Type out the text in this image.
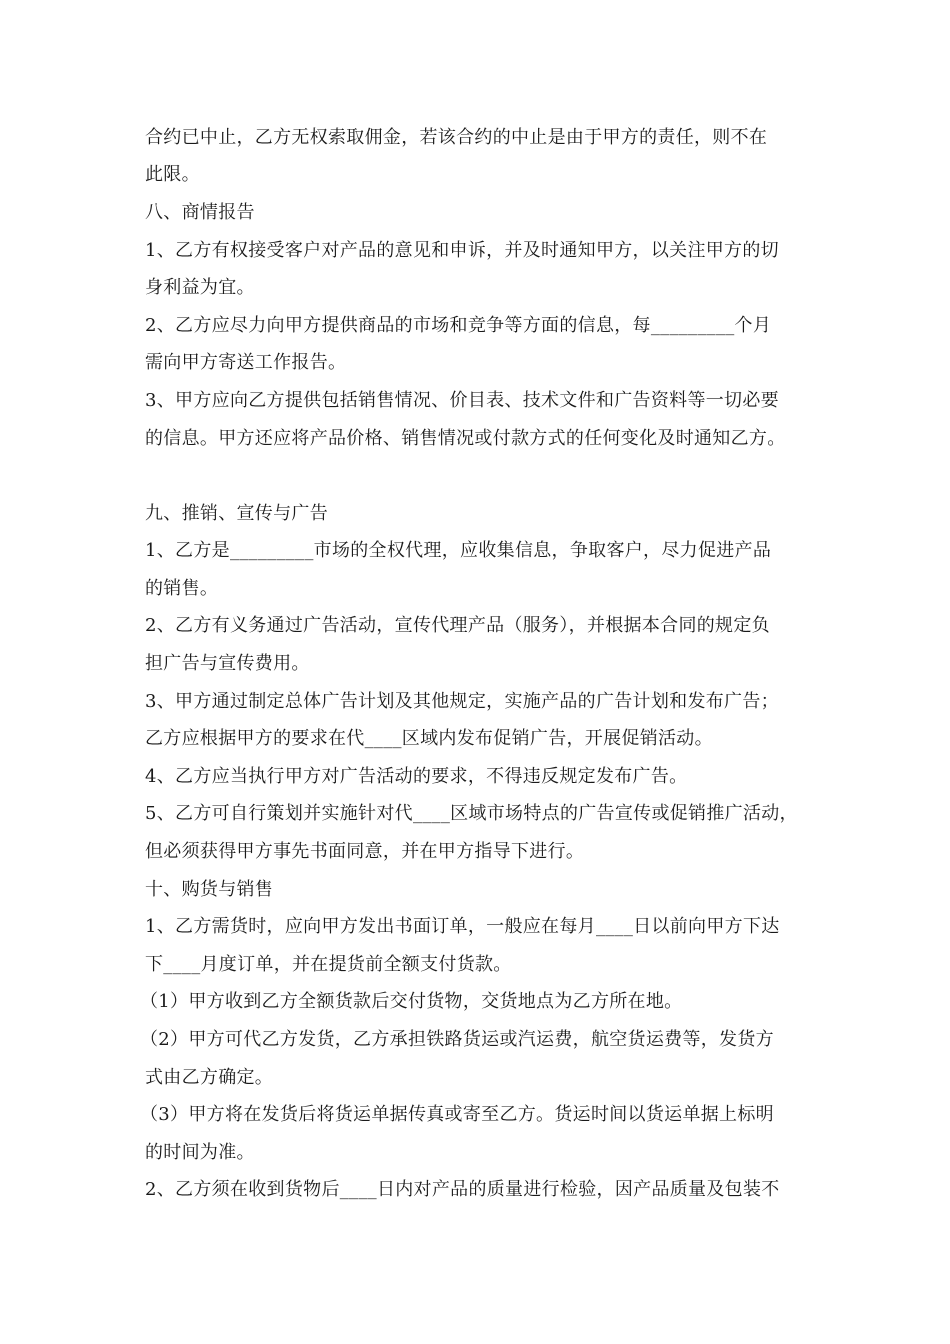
合约已中止，乙方无权索取佣金，若该合约的中止是由于甲方的责任，则不在
此限。
八、商情报告
1、乙方有权接受客户对产品的意见和申诉，并及时通知甲方，以关注甲方的切
身利益为宜。
2、乙方应尽力向甲方提供商品的市场和竞争等方面的信息，每_________个月
需向甲方寄送工作报告。
3、甲方应向乙方提供包括销售情况、价目表、技术文件和广告资料等一切必要
的信息。甲方还应将产品价格、销售情况或付款方式的任何变化及时通知乙方。
九、推销、宣传与广告
1、乙方是_________市场的全权代理，应收集信息，争取客户，尽力促进产品
的销售。
2、乙方有义务通过广告活动，宣传代理产品（服务），并根据本合同的规定负
担广告与宣传费用。
3、甲方通过制定总体广告计划及其他规定，实施产品的广告计划和发布广告；
乙方应根据甲方的要求在代____区域内发布促销广告，开展促销活动。
4、乙方应当执行甲方对广告活动的要求，不得违反规定发布广告。
5、乙方可自行策划并实施针对代____区域市场特点的广告宣传或促销推广活动，
但必须获得甲方事先书面同意，并在甲方指导下进行。
十、购货与销售
1、乙方需货时，应向甲方发出书面订单，一般应在每月____日以前向甲方下达
下____月度订单，并在提货前全额支付货款。
（1）甲方收到乙方全额货款后交付货物，交货地点为乙方所在地。
（2）甲方可代乙方发货，乙方承担铁路货运或汽运费，航空货运费等，发货方
式由乙方确定。
（3）甲方将在发货后将货运单据传真或寄至乙方。货运时间以货运单据上标明
的时间为准。
2、乙方须在收到货物后____日内对产品的质量进行检验，因产品质量及包装不
